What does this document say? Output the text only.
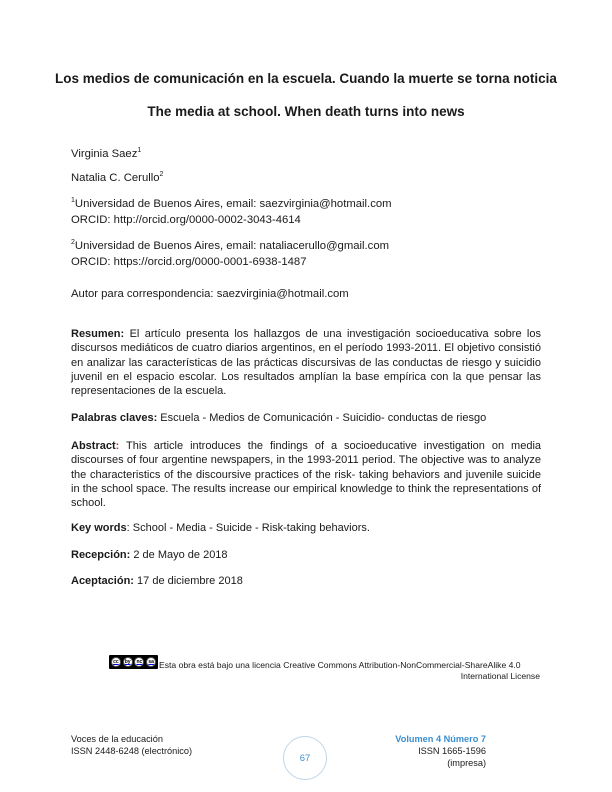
Los medios de comunicación en la escuela. Cuando la muerte se torna noticia
The media at school. When death turns into news
Virginia Saez$^1$
Natalia C. Cerullo$^2$
$^1$Universidad de Buenos Aires, email: saezvirginia@hotmail.com
ORCID: http://orcid.org/0000-0002-3043-4614
$^2$Universidad de Buenos Aires, email: nataliacerullo@gmail.com
ORCID: https://orcid.org/0000-0001-6938-1487
Autor para correspondencia: saezvirginia@hotmail.com
Resumen: El artículo presenta los hallazgos de una investigación socioeducativa sobre los discursos mediáticos de cuatro diarios argentinos, en el período 1993-2011. El objetivo consistió en analizar las características de las prácticas discursivas de las conductas de riesgo y suicidio juvenil en el espacio escolar. Los resultados amplían la base empírica con la que pensar las representaciones de la escuela.
Palabras claves: Escuela - Medios de Comunicación - Suicidio- conductas de riesgo
Abstract: This article introduces the findings of a socioeducative investigation on media discourses of four argentine newspapers, in the 1993-2011 period. The objective was to analyze the characteristics of the discoursive practices of the risk- taking behaviors and juvenile suicide in the school space. The results increase our empirical knowledge to think the representations of school.
Key words: School - Media - Suicide - Risk-taking behaviors.
Recepción: 2 de Mayo de 2018
Aceptación: 17 de diciembre 2018
cc	by	nc	sa Esta obra está bajo una licencia Creative Commons Attribution-NonCommercial-ShareAlike 4.0
International License
Voces de la educación
ISSN 2448-6248 (electrónico)
Volumen 4 Número 7
ISSN 1665-1596 (impresa)
67
